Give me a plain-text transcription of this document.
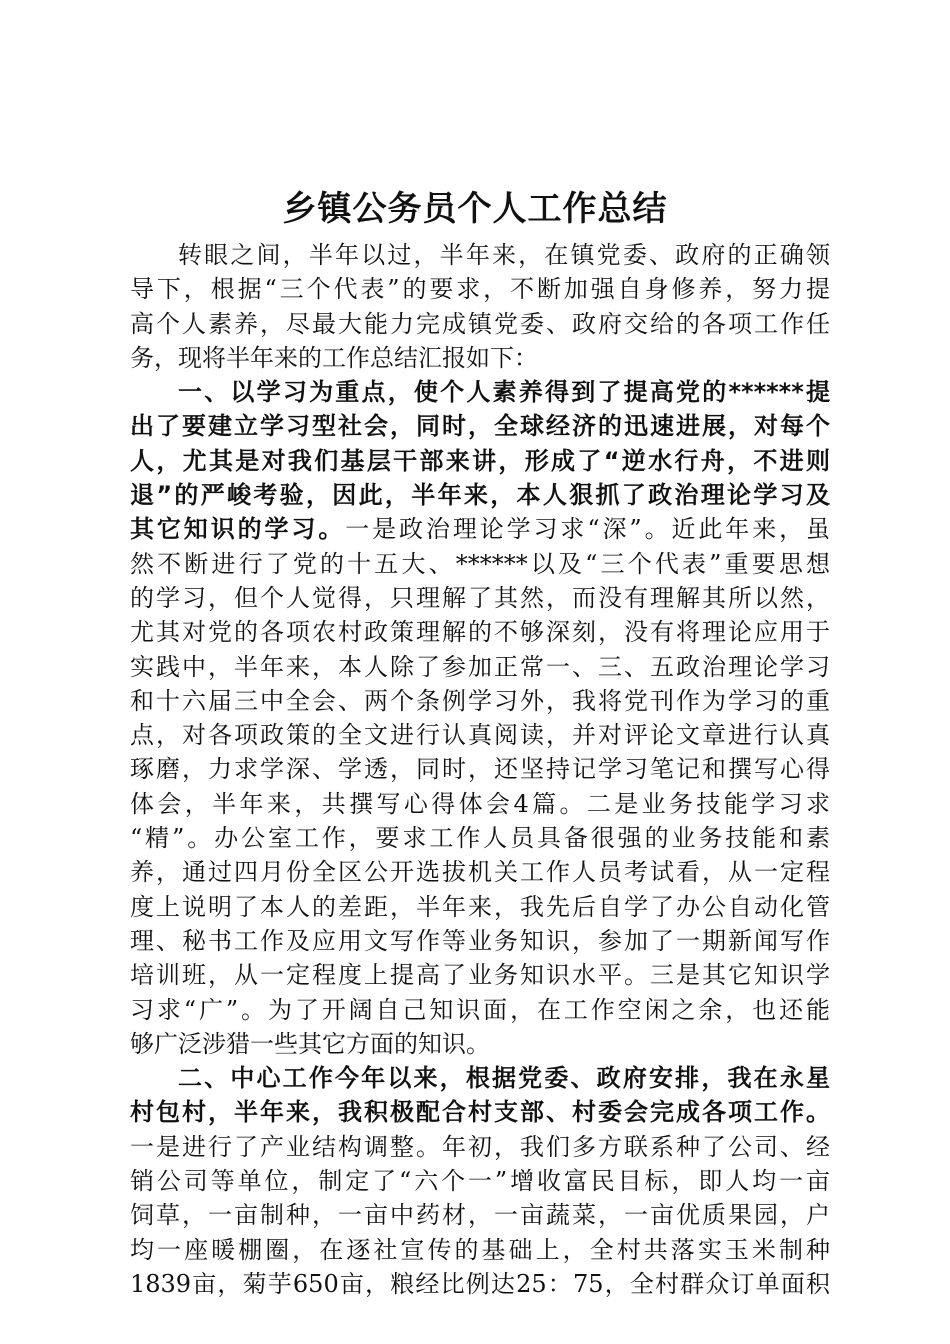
乡镇公务员个人工作总结
转眼之间，半年以过，半年来，在镇党委、政府的正确领
导下，根据“三个代表”的要求，不断加强自身修养，努力提
高个人素养，尽最大能力完成镇党委、政府交给的各项工作任
务，现将半年来的工作总结汇报如下：
一、以学习为重点，使个人素养得到了提高党的******提
出了要建立学习型社会，同时，全球经济的迅速进展，对每个
人，尤其是对我们基层干部来讲，形成了“逆水行舟，不进则
退”的严峻考验，因此，半年来，本人狠抓了政治理论学习及
其它知识的学习。一是政治理论学习求“深”。近此年来，虽
然不断进行了党的十五大、******以及“三个代表”重要思想
的学习，但个人觉得，只理解了其然，而没有理解其所以然，
尤其对党的各项农村政策理解的不够深刻，没有将理论应用于
实践中，半年来，本人除了参加正常一、三、五政治理论学习
和十六届三中全会、两个条例学习外，我将党刊作为学习的重
点，对各项政策的全文进行认真阅读，并对评论文章进行认真
琢磨，力求学深、学透，同时，还坚持记学习笔记和撰写心得
体会，半年来，共撰写心得体会4篇。二是业务技能学习求
“精”。办公室工作，要求工作人员具备很强的业务技能和素
养，通过四月份全区公开选拔机关工作人员考试看，从一定程
度上说明了本人的差距，半年来，我先后自学了办公自动化管
理、秘书工作及应用文写作等业务知识，参加了一期新闻写作
培训班，从一定程度上提高了业务知识水平。三是其它知识学
习求“广”。为了开阔自己知识面，在工作空闲之余，也还能
够广泛涉猎一些其它方面的知识。
二、中心工作今年以来，根据党委、政府安排，我在永星
村包村，半年来，我积极配合村支部、村委会完成各项工作。
一是进行了产业结构调整。年初，我们多方联系种了公司、经
销公司等单位，制定了“六个一”增收富民目标，即人均一亩
饲草，一亩制种，一亩中药材，一亩蔬菜，一亩优质果园，户
均一座暖棚圈，在逐社宣传的基础上，全村共落实玉米制种
1839亩，菊芋650亩，粮经比例达25：75，全村群众订单面积
